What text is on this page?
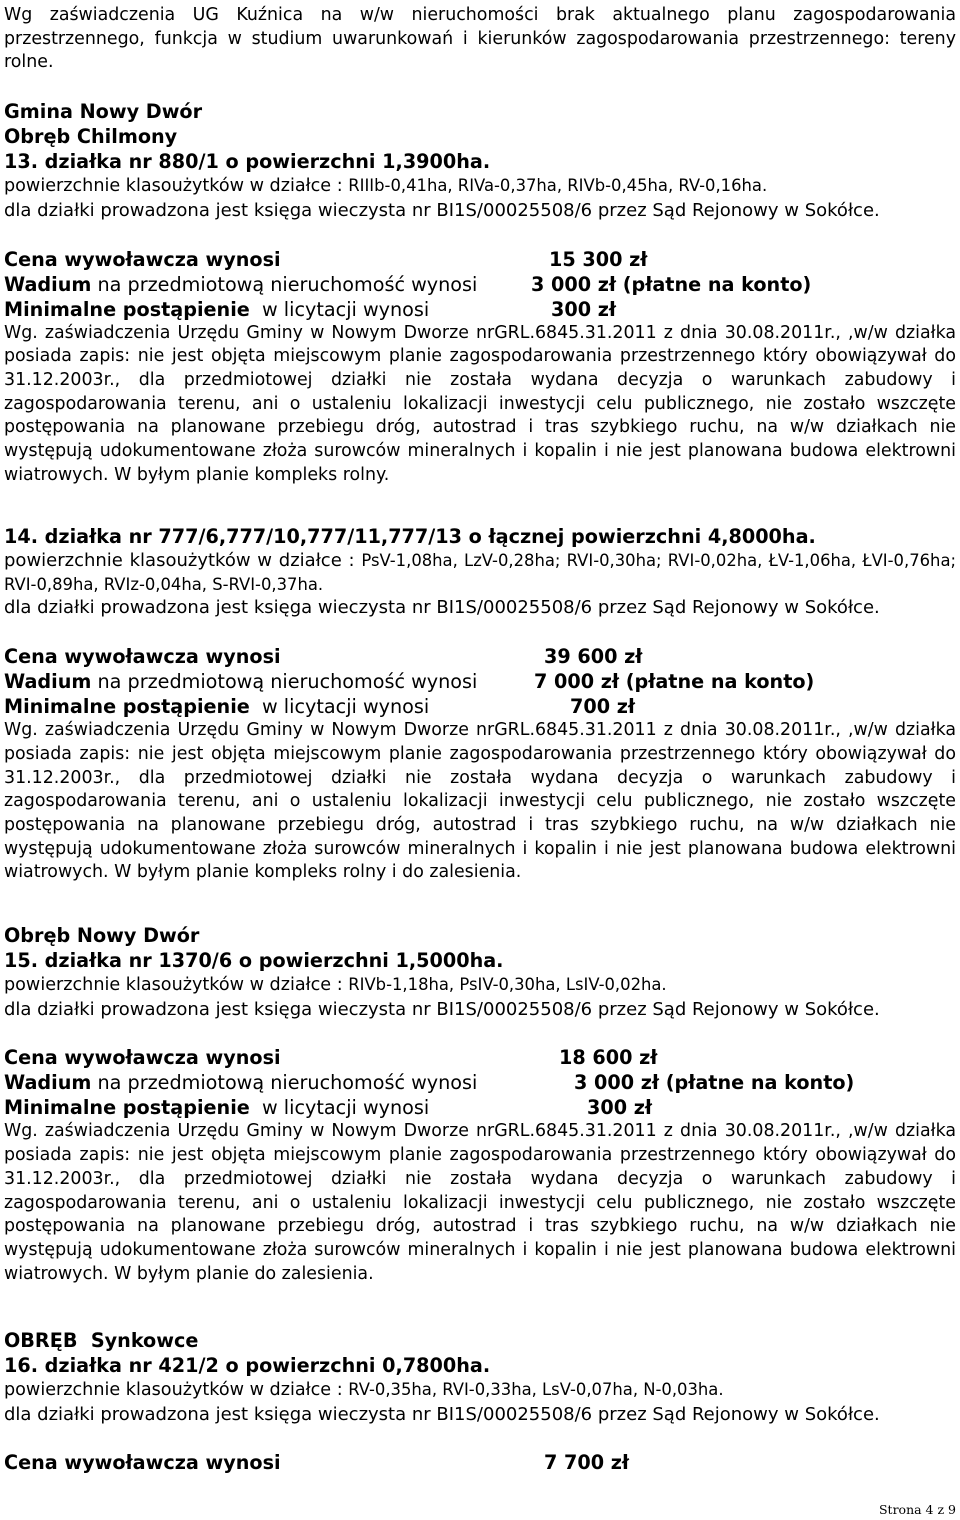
Wg zaświadczenia UG Kuźnica na w/w nieruchomości brak aktualnego planu zagospodarowania przestrzennego, funkcja w studium uwarunkowań i kierunków zagospodarowania przestrzennego: tereny rolne.

Gmina Nowy Dwór
Obręb Chilmony
13. działka nr 880/1 o powierzchni 1,3900ha.
powierzchnie klasoużytków w działce : RIIIb-0,41ha, RIVa-0,37ha, RIVb-0,45ha, RV-0,16ha.

dla działki prowadzona jest księga wieczysta nr BI1S/00025508/6 przez Sąd Rejonowy w Sokółce.

Cena wywoławcza wynosi	15 300 zł
Wadium na przedmiotową nieruchomość wynosi	3 000 zł (płatne na konto)
Minimalne postąpienie w licytacji wynosi	300 zł

Wg. zaświadczenia Urzędu Gminy w Nowym Dworze nrGRL.6845.31.2011 z dnia 30.08.2011r., ,w/w działka posiada zapis: nie jest objęta miejscowym planie zagospodarowania przestrzennego który obowiązywał do 31.12.2003r., dla przedmiotowej działki nie została wydana decyzja o warunkach zabudowy i zagospodarowania terenu, ani o ustaleniu lokalizacji inwestycji celu publicznego, nie zostało wszczęte postępowania na planowane przebiegu dróg, autostrad i tras szybkiego ruchu, na w/w działkach nie występują udokumentowane złoża surowców mineralnych i kopalin i nie jest planowana budowa elektrowni wiatrowych. W byłym planie kompleks rolny.

14. działka nr 777/6,777/10,777/11,777/13 o łącznej powierzchni 4,8000ha.

powierzchnie klasoużytków w działce : PsV-1,08ha, LzV-0,28ha; RVI-0,30ha; RVI-0,02ha, ŁV-1,06ha, ŁVI-0,76ha; RVI-0,89ha, RVIz-0,04ha, S-RVI-0,37ha.

dla działki prowadzona jest księga wieczysta nr BI1S/00025508/6 przez Sąd Rejonowy w Sokółce.

Cena wywoławcza wynosi	39 600 zł
Wadium na przedmiotową nieruchomość wynosi	7 000 zł (płatne na konto)
Minimalne postąpienie w licytacji wynosi	700 zł

Wg. zaświadczenia Urzędu Gminy w Nowym Dworze nrGRL.6845.31.2011 z dnia 30.08.2011r., ,w/w działka posiada zapis: nie jest objęta miejscowym planie zagospodarowania przestrzennego który obowiązywał do 31.12.2003r., dla przedmiotowej działki nie została wydana decyzja o warunkach zabudowy i zagospodarowania terenu, ani o ustaleniu lokalizacji inwestycji celu publicznego, nie zostało wszczęte postępowania na planowane przebiegu dróg, autostrad i tras szybkiego ruchu, na w/w działkach nie występują udokumentowane złoża surowców mineralnych i kopalin i nie jest planowana budowa elektrowni wiatrowych. W byłym planie kompleks rolny i do zalesienia.

Obręb Nowy Dwór
15. działka nr 1370/6 o powierzchni 1,5000ha.
powierzchnie klasoużytków w działce : RIVb-1,18ha, PsIV-0,30ha, LsIV-0,02ha.

dla działki prowadzona jest księga wieczysta nr BI1S/00025508/6 przez Sąd Rejonowy w Sokółce.

Cena wywoławcza wynosi	18 600 zł
Wadium na przedmiotową nieruchomość wynosi	3 000 zł (płatne na konto)
Minimalne postąpienie w licytacji wynosi	300 zł

Wg. zaświadczenia Urzędu Gminy w Nowym Dworze nrGRL.6845.31.2011 z dnia 30.08.2011r., ,w/w działka posiada zapis: nie jest objęta miejscowym planie zagospodarowania przestrzennego który obowiązywał do 31.12.2003r., dla przedmiotowej działki nie została wydana decyzja o warunkach zabudowy i zagospodarowania terenu, ani o ustaleniu lokalizacji inwestycji celu publicznego, nie zostało wszczęte postępowania na planowane przebiegu dróg, autostrad i tras szybkiego ruchu, na w/w działkach nie występują udokumentowane złoża surowców mineralnych i kopalin i nie jest planowana budowa elektrowni wiatrowych. W byłym planie do zalesienia.

OBRĘB Synkowce
16. działka nr 421/2 o powierzchni 0,7800ha.
powierzchnie klasoużytków w działce : RV-0,35ha, RVI-0,33ha, LsV-0,07ha, N-0,03ha.

dla działki prowadzona jest księga wieczysta nr BI1S/00025508/6 przez Sąd Rejonowy w Sokółce.

Cena wywoławcza wynosi	7 700 zł
Strona 4 z 9
